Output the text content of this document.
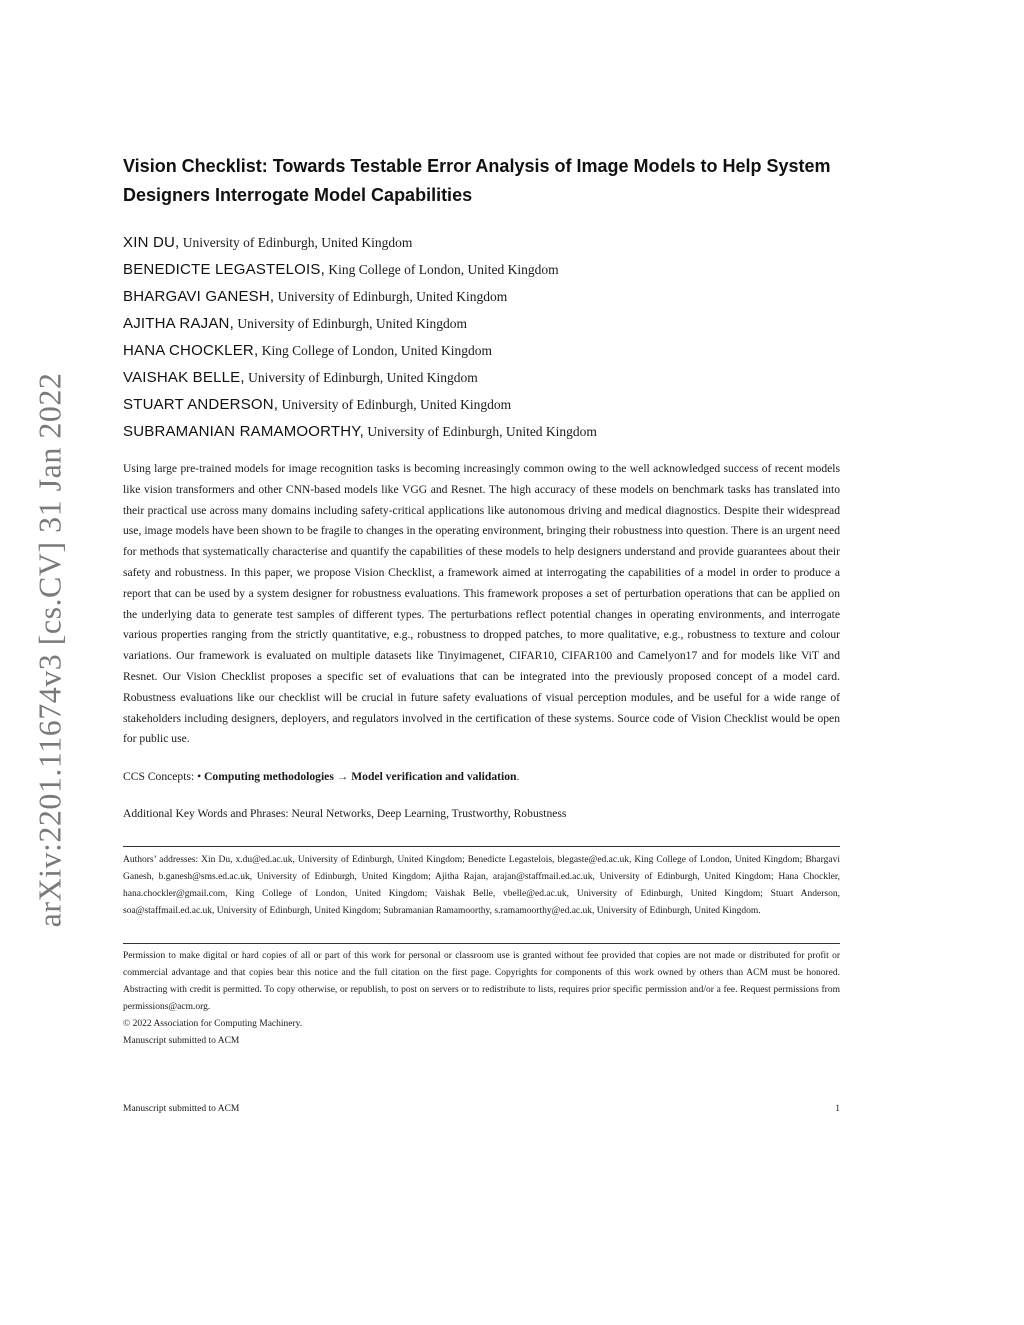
arXiv:2201.11674v3 [cs.CV] 31 Jan 2022
Vision Checklist: Towards Testable Error Analysis of Image Models to Help System Designers Interrogate Model Capabilities
XIN DU, University of Edinburgh, United Kingdom
BENEDICTE LEGASTELOIS, King College of London, United Kingdom
BHARGAVI GANESH, University of Edinburgh, United Kingdom
AJITHA RAJAN, University of Edinburgh, United Kingdom
HANA CHOCKLER, King College of London, United Kingdom
VAISHAK BELLE, University of Edinburgh, United Kingdom
STUART ANDERSON, University of Edinburgh, United Kingdom
SUBRAMANIAN RAMAMOORTHY, University of Edinburgh, United Kingdom

Using large pre-trained models for image recognition tasks is becoming increasingly common owing to the well acknowledged success of recent models like vision transformers and other CNN-based models like VGG and Resnet. The high accuracy of these models on benchmark tasks has translated into their practical use across many domains including safety-critical applications like autonomous driving and medical diagnostics. Despite their widespread use, image models have been shown to be fragile to changes in the operating environment, bringing their robustness into question. There is an urgent need for methods that systematically characterise and quantify the capabilities of these models to help designers understand and provide guarantees about their safety and robustness. In this paper, we propose Vision Checklist, a framework aimed at interrogating the capabilities of a model in order to produce a report that can be used by a system designer for robustness evaluations. This framework proposes a set of perturbation operations that can be applied on the underlying data to generate test samples of different types. The perturbations reflect potential changes in operating environments, and interrogate various properties ranging from the strictly quantitative, e.g., robustness to dropped patches, to more qualitative, e.g., robustness to texture and colour variations. Our framework is evaluated on multiple datasets like Tinyimagenet, CIFAR10, CIFAR100 and Camelyon17 and for models like ViT and Resnet. Our Vision Checklist proposes a specific set of evaluations that can be integrated into the previously proposed concept of a model card. Robustness evaluations like our checklist will be crucial in future safety evaluations of visual perception modules, and be useful for a wide range of stakeholders including designers, deployers, and regulators involved in the certification of these systems. Source code of Vision Checklist would be open for public use.

CCS Concepts: • Computing methodologies → Model verification and validation.
Additional Key Words and Phrases: Neural Networks, Deep Learning, Trustworthy, Robustness
Authors’ addresses: Xin Du, x.du@ed.ac.uk, University of Edinburgh, United Kingdom; Benedicte Legastelois, blegaste@ed.ac.uk, King College of London, United Kingdom; Bhargavi Ganesh, b.ganesh@sms.ed.ac.uk, University of Edinburgh, United Kingdom; Ajitha Rajan, arajan@staffmail.ed.ac.uk, University of Edinburgh, United Kingdom; Hana Chockler, hana.chockler@gmail.com, King College of London, United Kingdom; Vaishak Belle, vbelle@ed.ac.uk, University of Edinburgh, United Kingdom; Stuart Anderson, soa@staffmail.ed.ac.uk, University of Edinburgh, United Kingdom; Subramanian Ramamoorthy, s.ramamoorthy@ed.ac.uk, University of Edinburgh, United Kingdom.
Permission to make digital or hard copies of all or part of this work for personal or classroom use is granted without fee provided that copies are not made or distributed for profit or commercial advantage and that copies bear this notice and the full citation on the first page. Copyrights for components of this work owned by others than ACM must be honored. Abstracting with credit is permitted. To copy otherwise, or republish, to post on servers or to redistribute to lists, requires prior specific permission and/or a fee. Request permissions from permissions@acm.org.
© 2022 Association for Computing Machinery.
Manuscript submitted to ACM
Manuscript submitted to ACM	1
